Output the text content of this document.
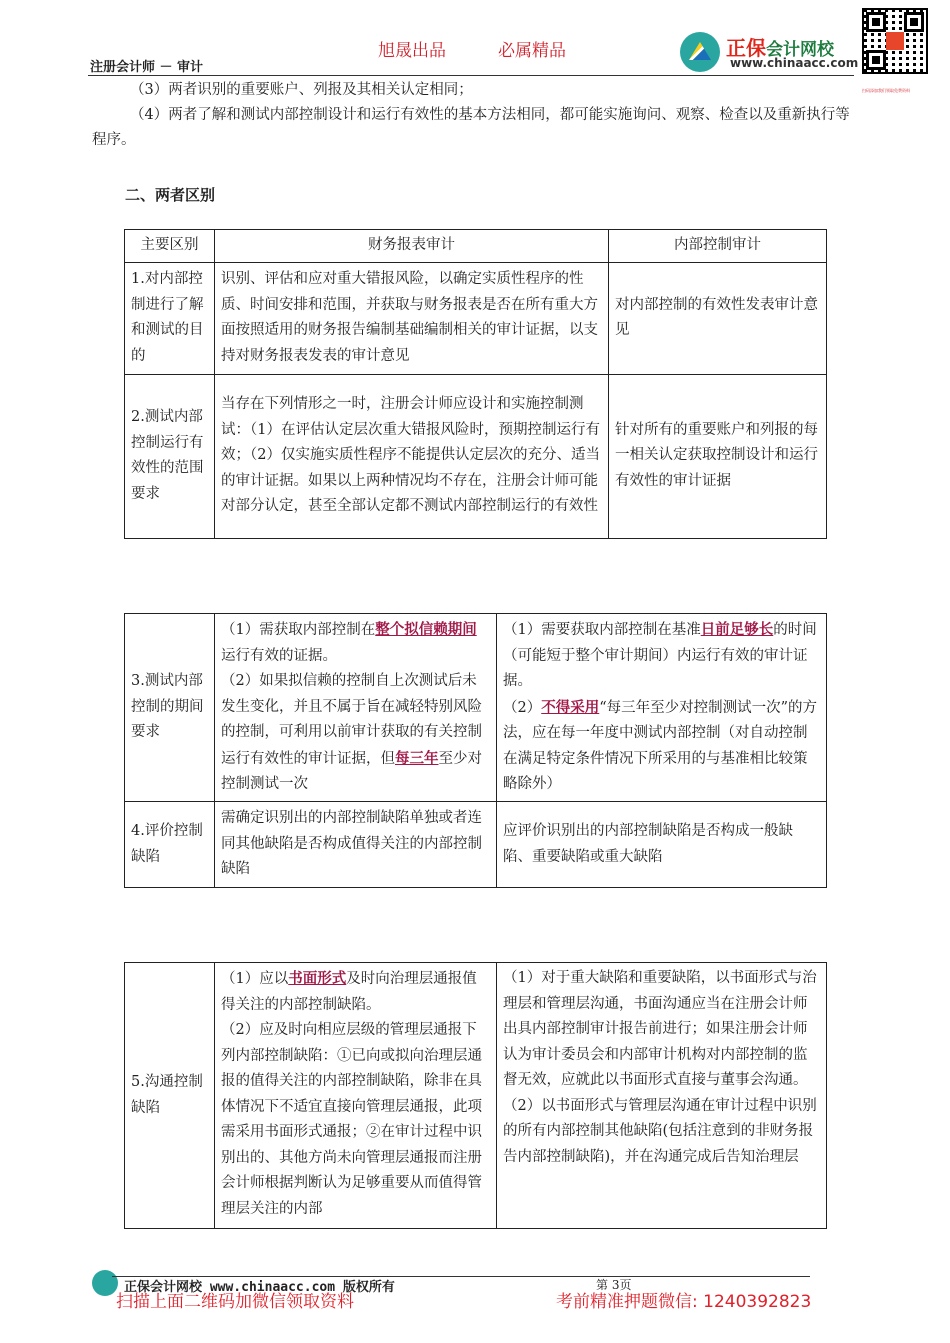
旭晟出品	必属精品
注册会计师 － 审计
正保会计网校
www.chinaacc.com
扫码添加我们领取免费资料
（3）两者识别的重要账户、列报及其相关认定相同；
（4）两者了解和测试内部控制设计和运行有效性的基本方法相同，都可能实施询问、观察、检查以及重新执行等程序。
二、两者区别
主要区别	财务报表审计	内部控制审计
1.对内部控制进行了解和测试的目的	识别、评估和应对重大错报风险，以确定实质性程序的性质、时间安排和范围，并获取与财务报表是否在所有重大方面按照适用的财务报告编制基础编制相关的审计证据，以支持对财务报表发表的审计意见	对内部控制的有效性发表审计意见
2.测试内部控制运行有效性的范围要求	当存在下列情形之一时，注册会计师应设计和实施控制测试：（1）在评估认定层次重大错报风险时，预期控制运行有效；（2）仅实施实质性程序不能提供认定层次的充分、适当的审计证据。如果以上两种情况均不存在，注册会计师可能对部分认定，甚至全部认定都不测试内部控制运行的有效性	针对所有的重要账户和列报的每一相关认定获取控制设计和运行有效性的审计证据
3.测试内部控制的期间要求	（1）需获取内部控制在整个拟信赖期间运行有效的证据。
（2）如果拟信赖的控制自上次测试后未发生变化，并且不属于旨在减轻特别风险的控制，可利用以前审计获取的有关控制运行有效性的审计证据，但每三年至少对控制测试一次	（1）需要获取内部控制在基准日前足够长的时间（可能短于整个审计期间）内运行有效的审计证据。
（2）不得采用“每三年至少对控制测试一次”的方法，应在每一年度中测试内部控制（对自动控制在满足特定条件情况下所采用的与基准相比较策略除外）
4.评价控制缺陷	需确定识别出的内部控制缺陷单独或者连同其他缺陷是否构成值得关注的内部控制缺陷	应评价识别出的内部控制缺陷是否构成一般缺陷、重要缺陷或重大缺陷
5.沟通控制缺陷	（1）应以书面形式及时向治理层通报值得关注的内部控制缺陷。
（2）应及时向相应层级的管理层通报下列内部控制缺陷：①已向或拟向治理层通报的值得关注的内部控制缺陷，除非在具体情况下不适宜直接向管理层通报，此项需采用书面形式通报；②在审计过程中识别出的、其他方尚未向管理层通报而注册会计师根据判断认为足够重要从而值得管理层关注的内部	（1）对于重大缺陷和重要缺陷，以书面形式与治理层和管理层沟通，书面沟通应当在注册会计师出具内部控制审计报告前进行；如果注册会计师认为审计委员会和内部审计机构对内部控制的监督无效，应就此以书面形式直接与董事会沟通。
（2）以书面形式与管理层沟通在审计过程中识别的所有内部控制其他缺陷(包括注意到的非财务报告内部控制缺陷)，并在沟通完成后告知治理层
正保会计网校 www.chinaacc.com 版权所有	第 3页
扫描上面二维码加微信领取资料	考前精准押题微信: 1240392823
